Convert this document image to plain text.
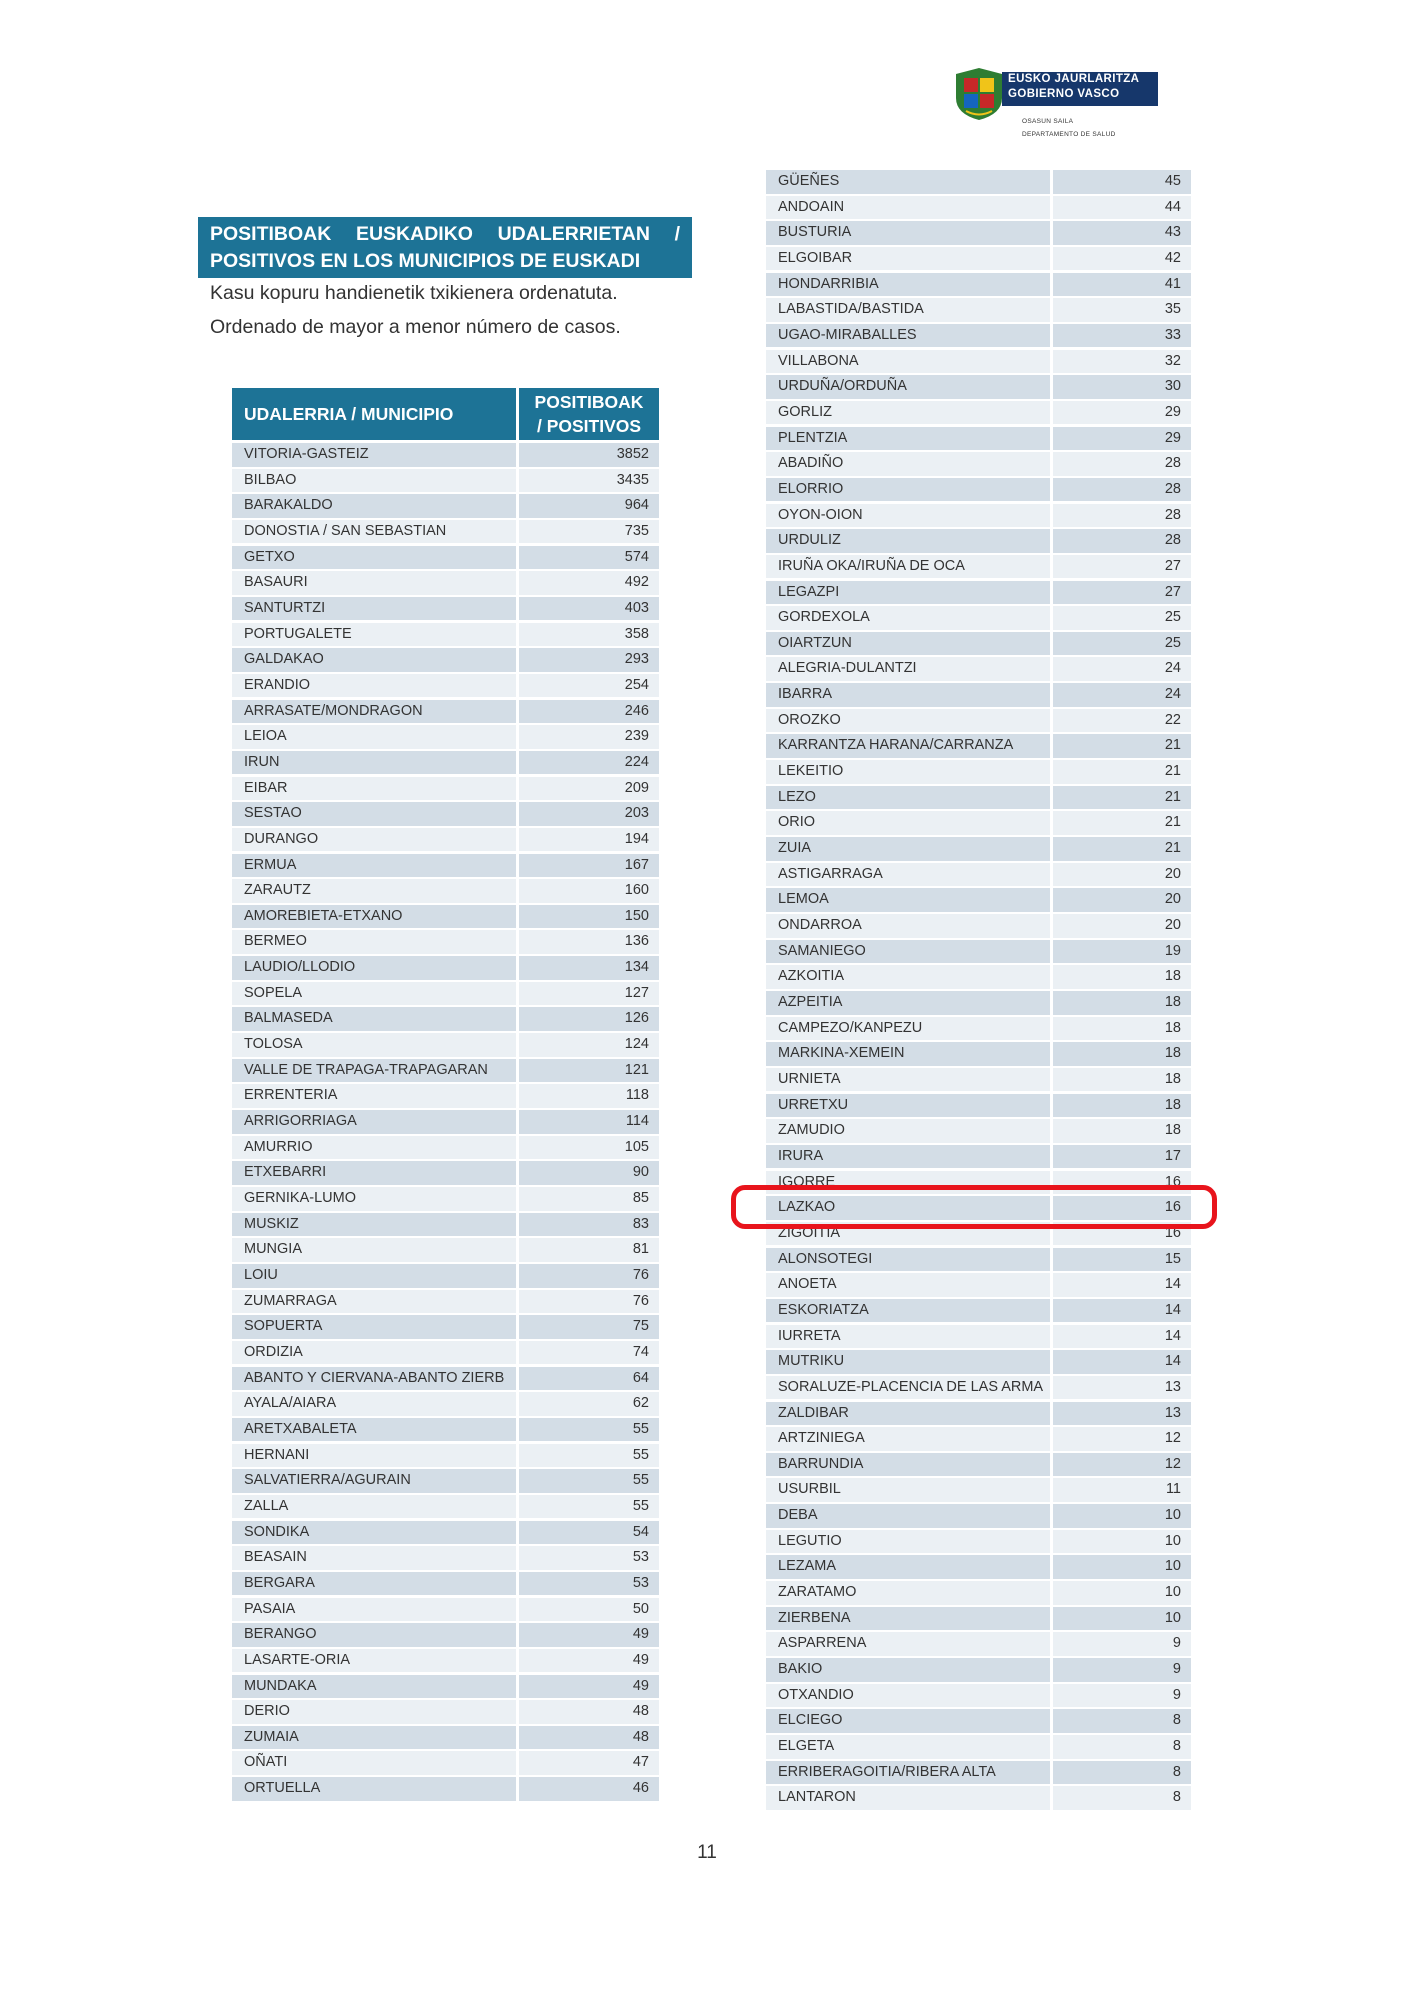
EUSKO JAURLARITZA
GOBIERNO VASCO
OSASUN SAILA
DEPARTAMENTO DE SALUD
POSITIBOAK EUSKADIKO UDALERRIETAN /
POSITIVOS EN LOS MUNICIPIOS DE EUSKADI
Kasu kopuru handienetik txikienera ordenatuta.
Ordenado de mayor a menor número de casos.
UDALERRIA / MUNICIPIO
POSITIBOAK
/ POSITIVOS
VITORIA-GASTEIZ	3852
BILBAO	3435
BARAKALDO	964
DONOSTIA / SAN SEBASTIAN	735
GETXO	574
BASAURI	492
SANTURTZI	403
PORTUGALETE	358
GALDAKAO	293
ERANDIO	254
ARRASATE/MONDRAGON	246
LEIOA	239
IRUN	224
EIBAR	209
SESTAO	203
DURANGO	194
ERMUA	167
ZARAUTZ	160
AMOREBIETA-ETXANO	150
BERMEO	136
LAUDIO/LLODIO	134
SOPELA	127
BALMASEDA	126
TOLOSA	124
VALLE DE TRAPAGA-TRAPAGARAN	121
ERRENTERIA	118
ARRIGORRIAGA	114
AMURRIO	105
ETXEBARRI	90
GERNIKA-LUMO	85
MUSKIZ	83
MUNGIA	81
LOIU	76
ZUMARRAGA	76
SOPUERTA	75
ORDIZIA	74
ABANTO Y CIERVANA-ABANTO ZIERB	64
AYALA/AIARA	62
ARETXABALETA	55
HERNANI	55
SALVATIERRA/AGURAIN	55
ZALLA	55
SONDIKA	54
BEASAIN	53
BERGARA	53
PASAIA	50
BERANGO	49
LASARTE-ORIA	49
MUNDAKA	49
DERIO	48
ZUMAIA	48
OÑATI	47
ORTUELLA	46
GÜEÑES	45
ANDOAIN	44
BUSTURIA	43
ELGOIBAR	42
HONDARRIBIA	41
LABASTIDA/BASTIDA	35
UGAO-MIRABALLES	33
VILLABONA	32
URDUÑA/ORDUÑA	30
GORLIZ	29
PLENTZIA	29
ABADIÑO	28
ELORRIO	28
OYON-OION	28
URDULIZ	28
IRUÑA OKA/IRUÑA DE OCA	27
LEGAZPI	27
GORDEXOLA	25
OIARTZUN	25
ALEGRIA-DULANTZI	24
IBARRA	24
OROZKO	22
KARRANTZA HARANA/CARRANZA	21
LEKEITIO	21
LEZO	21
ORIO	21
ZUIA	21
ASTIGARRAGA	20
LEMOA	20
ONDARROA	20
SAMANIEGO	19
AZKOITIA	18
AZPEITIA	18
CAMPEZO/KANPEZU	18
MARKINA-XEMEIN	18
URNIETA	18
URRETXU	18
ZAMUDIO	18
IRURA	17
IGORRE	16
LAZKAO	16
ZIGOITIA	16
ALONSOTEGI	15
ANOETA	14
ESKORIATZA	14
IURRETA	14
MUTRIKU	14
SORALUZE-PLACENCIA DE LAS ARMA	13
ZALDIBAR	13
ARTZINIEGA	12
BARRUNDIA	12
USURBIL	11
DEBA	10
LEGUTIO	10
LEZAMA	10
ZARATAMO	10
ZIERBENA	10
ASPARRENA	9
BAKIO	9
OTXANDIO	9
ELCIEGO	8
ELGETA	8
ERRIBERAGOITIA/RIBERA ALTA	8
LANTARON	8
11
